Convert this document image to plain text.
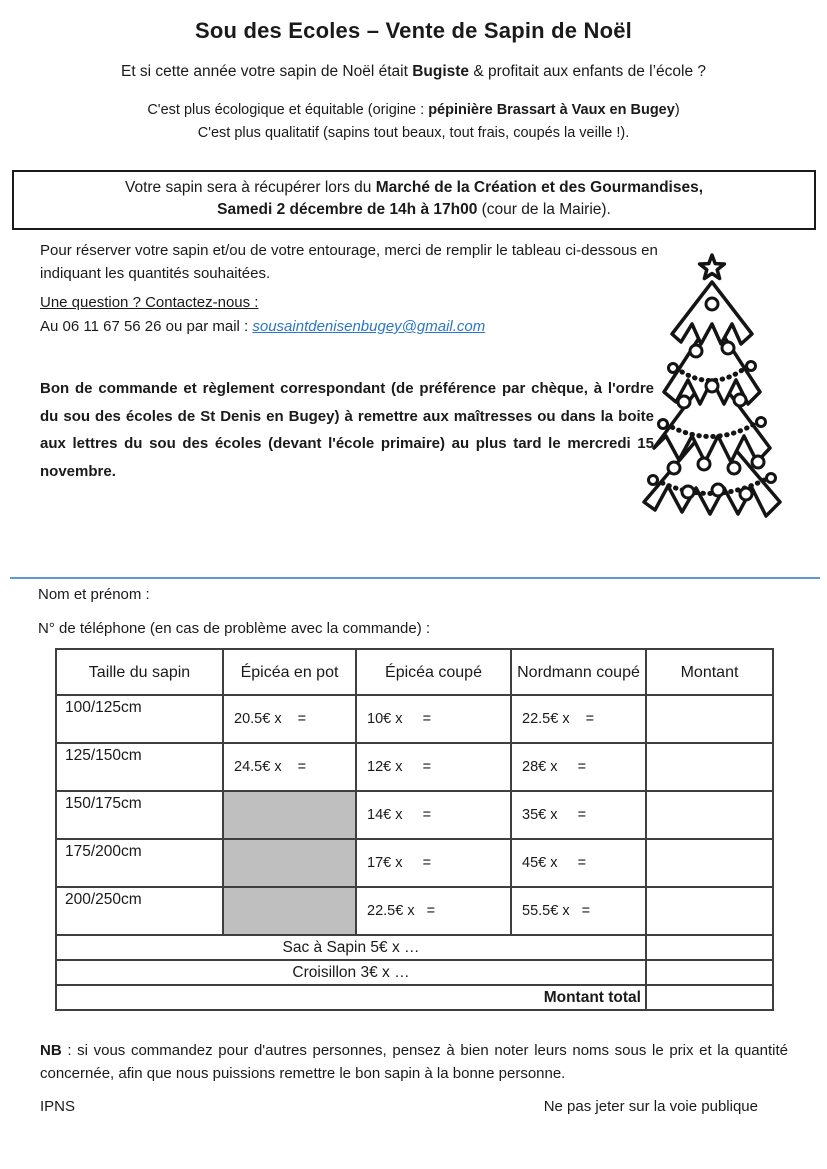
Sou des Ecoles – Vente de Sapin de Noël
Et si cette année votre sapin de Noël était Bugiste & profitait aux enfants de l’école ?
C'est plus écologique et équitable (origine : pépinière Brassart à Vaux en Bugey)
C'est plus qualitatif (sapins tout beaux, tout frais, coupés la veille !).
Votre sapin sera à récupérer lors du Marché de la Création et des Gourmandises,
Samedi 2 décembre de 14h à 17h00 (cour de la Mairie).
Pour réserver votre sapin et/ou de votre entourage, merci de remplir le tableau ci-dessous en indiquant les quantités souhaitées.
Une question ? Contactez-nous :
Au 06 11 67 56 26 ou par mail : sousaintdenisenbugey@gmail.com
Bon de commande et règlement correspondant (de préférence par chèque, à l'ordre du sou des écoles de St Denis en Bugey) à remettre aux maîtresses ou dans la boite aux lettres du sou des écoles (devant l'école primaire) au plus tard le mercredi 15 novembre.
Nom et prénom :
N° de téléphone (en cas de problème avec la commande) :
Taille du sapin	Épicéa en pot	Épicéa coupé	Nordmann coupé	Montant
100/125cm	20.5€ x    =	10€ x     =	22.5€ x    =	
125/150cm	24.5€ x    =	12€ x     =	28€ x     =	
150/175cm		14€ x     =	35€ x     =	
175/200cm		17€ x     =	45€ x     =	
200/250cm		22.5€ x   =	55.5€ x   =	
Sac à Sapin 5€ x …				
Croisillon 3€ x …				
Montant total				
NB : si vous commandez pour d'autres personnes, pensez à bien noter leurs noms sous le prix et la quantité concernée, afin que nous puissions remettre le bon sapin à la bonne personne.
IPNS	Ne pas jeter sur la voie publique
